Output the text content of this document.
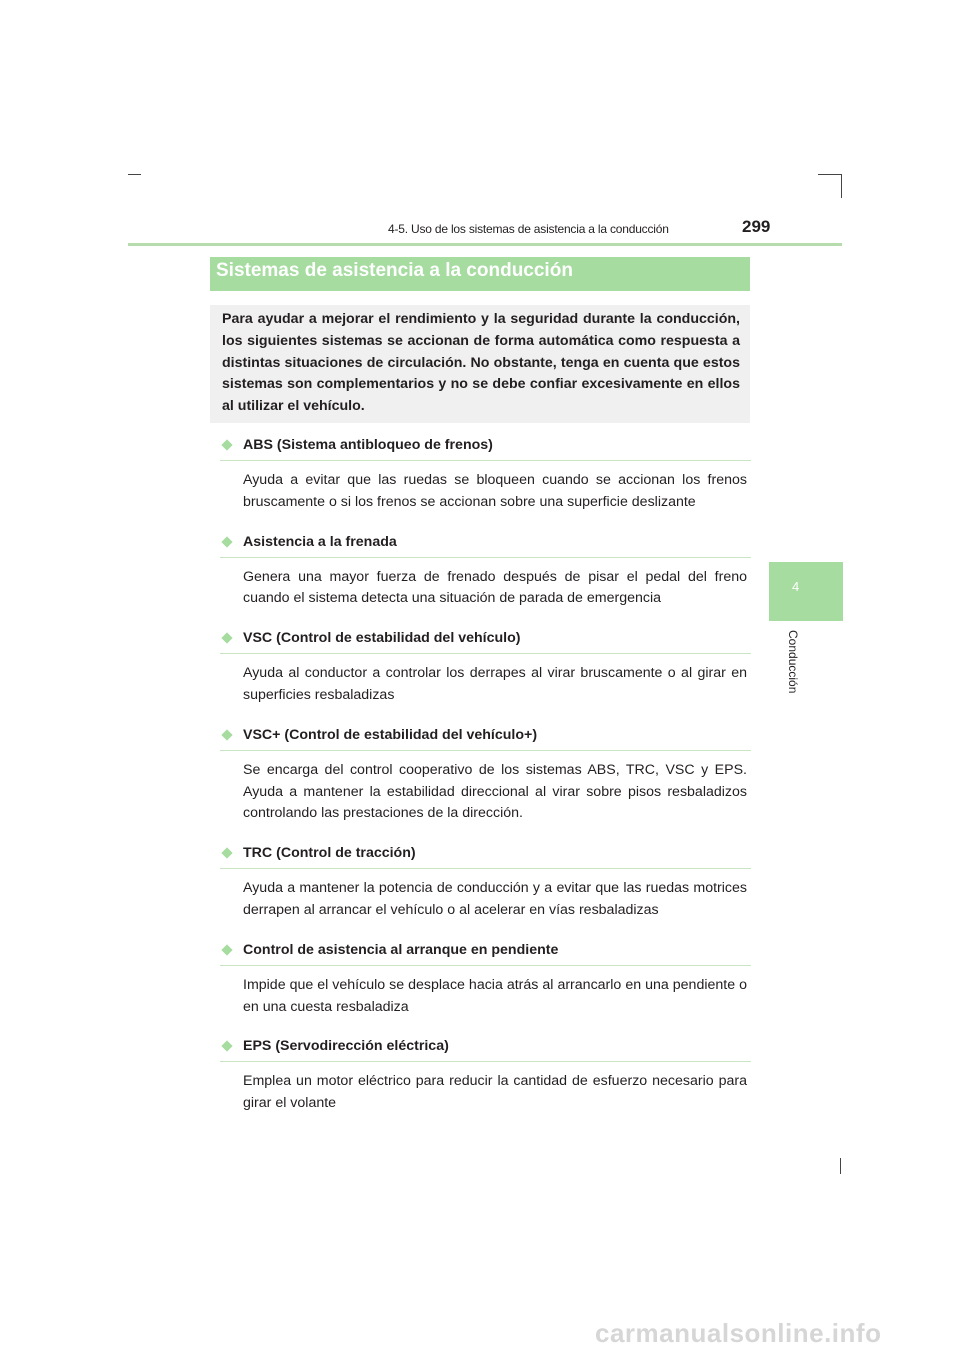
4-5. Uso de los sistemas de asistencia a la conducción	299
4
Conducción
Sistemas de asistencia a la conducción

Para ayudar a mejorar el rendimiento y la seguridad durante la conducción, los siguientes sistemas se accionan de forma automática como respuesta a distintas situaciones de circulación. No obstante, tenga en cuenta que estos sistemas son complementarios y no se debe confiar excesivamente en ellos al utilizar el vehículo.

ABS (Sistema antibloqueo de frenos)
Ayuda a evitar que las ruedas se bloqueen cuando se accionan los frenos bruscamente o si los frenos se accionan sobre una superficie deslizante
Asistencia a la frenada
Genera una mayor fuerza de frenado después de pisar el pedal del freno cuando el sistema detecta una situación de parada de emergencia
VSC (Control de estabilidad del vehículo)
Ayuda al conductor a controlar los derrapes al virar bruscamente o al girar en superficies resbaladizas
VSC+ (Control de estabilidad del vehículo+)
Se encarga del control cooperativo de los sistemas ABS, TRC, VSC y EPS. Ayuda a mantener la estabilidad direccional al virar sobre pisos resbaladizos controlando las prestaciones de la dirección.
TRC (Control de tracción)
Ayuda a mantener la potencia de conducción y a evitar que las ruedas motrices derrapen al arrancar el vehículo o al acelerar en vías resbaladizas
Control de asistencia al arranque en pendiente
Impide que el vehículo se desplace hacia atrás al arrancarlo en una pendiente o en una cuesta resbaladiza
EPS (Servodirección eléctrica)
Emplea un motor eléctrico para reducir la cantidad de esfuerzo necesario para girar el volante
carmanualsonline.info
